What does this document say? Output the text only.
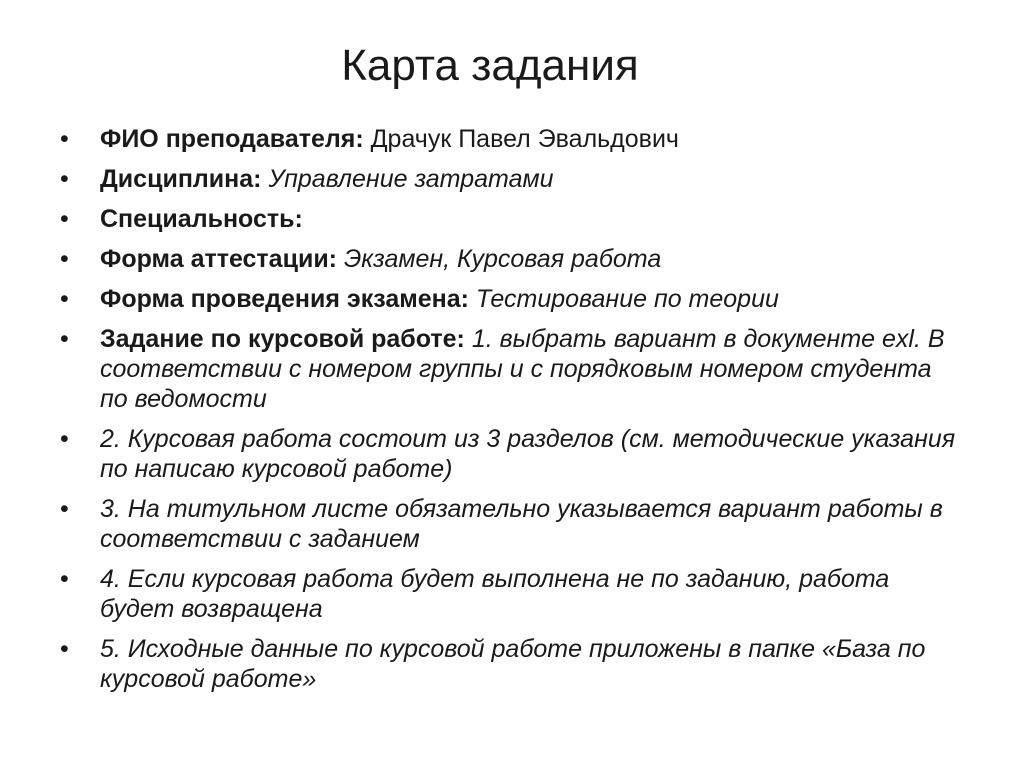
Карта задания
•	ФИО преподавателя: Драчук Павел Эвальдович
•	Дисциплина: Управление затратами
•	Специальность:
•	Форма аттестации: Экзамен, Курсовая работа
•	Форма проведения экзамена: Тестирование по теории
•	Задание по курсовой работе: 1. выбрать вариант в документе exl. В соответствии с номером группы и с порядковым номером студента по ведомости
•	2. Курсовая работа состоит из 3 разделов (см. методические указания по написаю курсовой работе)
•	3. На титульном листе обязательно указывается вариант работы в соответствии с заданием
•	4. Если курсовая работа будет выполнена не по заданию, работа будет возвращена
•	5. Исходные данные по курсовой работе приложены в папке «База по курсовой работе»
